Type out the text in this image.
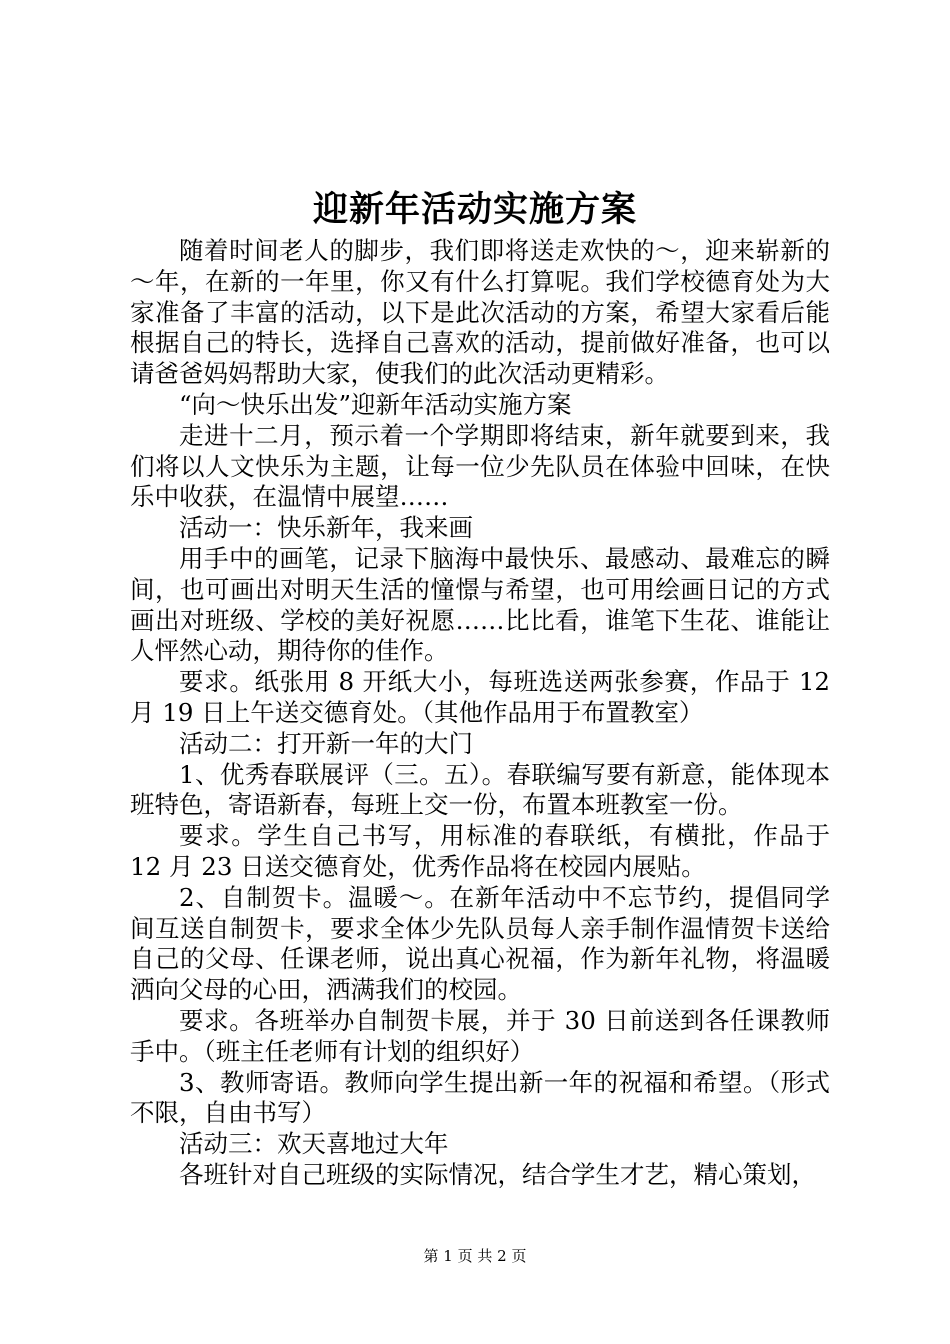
迎新年活动实施方案

随着时间老人的脚步，我们即将送走欢快的～，迎来崭新的～年，在新的一年里，你又有什么打算呢。我们学校德育处为大家准备了丰富的活动，以下是此次活动的方案，希望大家看后能根据自己的特长，选择自己喜欢的活动，提前做好准备，也可以请爸爸妈妈帮助大家，使我们的此次活动更精彩。

“向～快乐出发”迎新年活动实施方案

走进十二月，预示着一个学期即将结束，新年就要到来，我们将以人文快乐为主题，让每一位少先队员在体验中回味，在快乐中收获，在温情中展望……

活动一：快乐新年，我来画

用手中的画笔，记录下脑海中最快乐、最感动、最难忘的瞬间，也可画出对明天生活的憧憬与希望，也可用绘画日记的方式画出对班级、学校的美好祝愿……比比看，谁笔下生花、谁能让人怦然心动，期待你的佳作。

要求。纸张用 8 开纸大小，每班选送两张参赛，作品于 12 月 19 日上午送交德育处。（其他作品用于布置教室）

活动二：打开新一年的大门

1、优秀春联展评（三。五）。春联编写要有新意，能体现本班特色，寄语新春，每班上交一份，布置本班教室一份。

要求。学生自己书写，用标准的春联纸，有横批，作品于 12 月 23 日送交德育处，优秀作品将在校园内展贴。

2、自制贺卡。温暖～。在新年活动中不忘节约，提倡同学间互送自制贺卡，要求全体少先队员每人亲手制作温情贺卡送给自己的父母、任课老师，说出真心祝福，作为新年礼物，将温暖洒向父母的心田，洒满我们的校园。

要求。各班举办自制贺卡展，并于 30 日前送到各任课教师手中。（班主任老师有计划的组织好）

3、教师寄语。教师向学生提出新一年的祝福和希望。（形式不限，自由书写）

活动三：欢天喜地过大年

各班针对自己班级的实际情况，结合学生才艺，精心策划，

第 1 页 共 2 页
